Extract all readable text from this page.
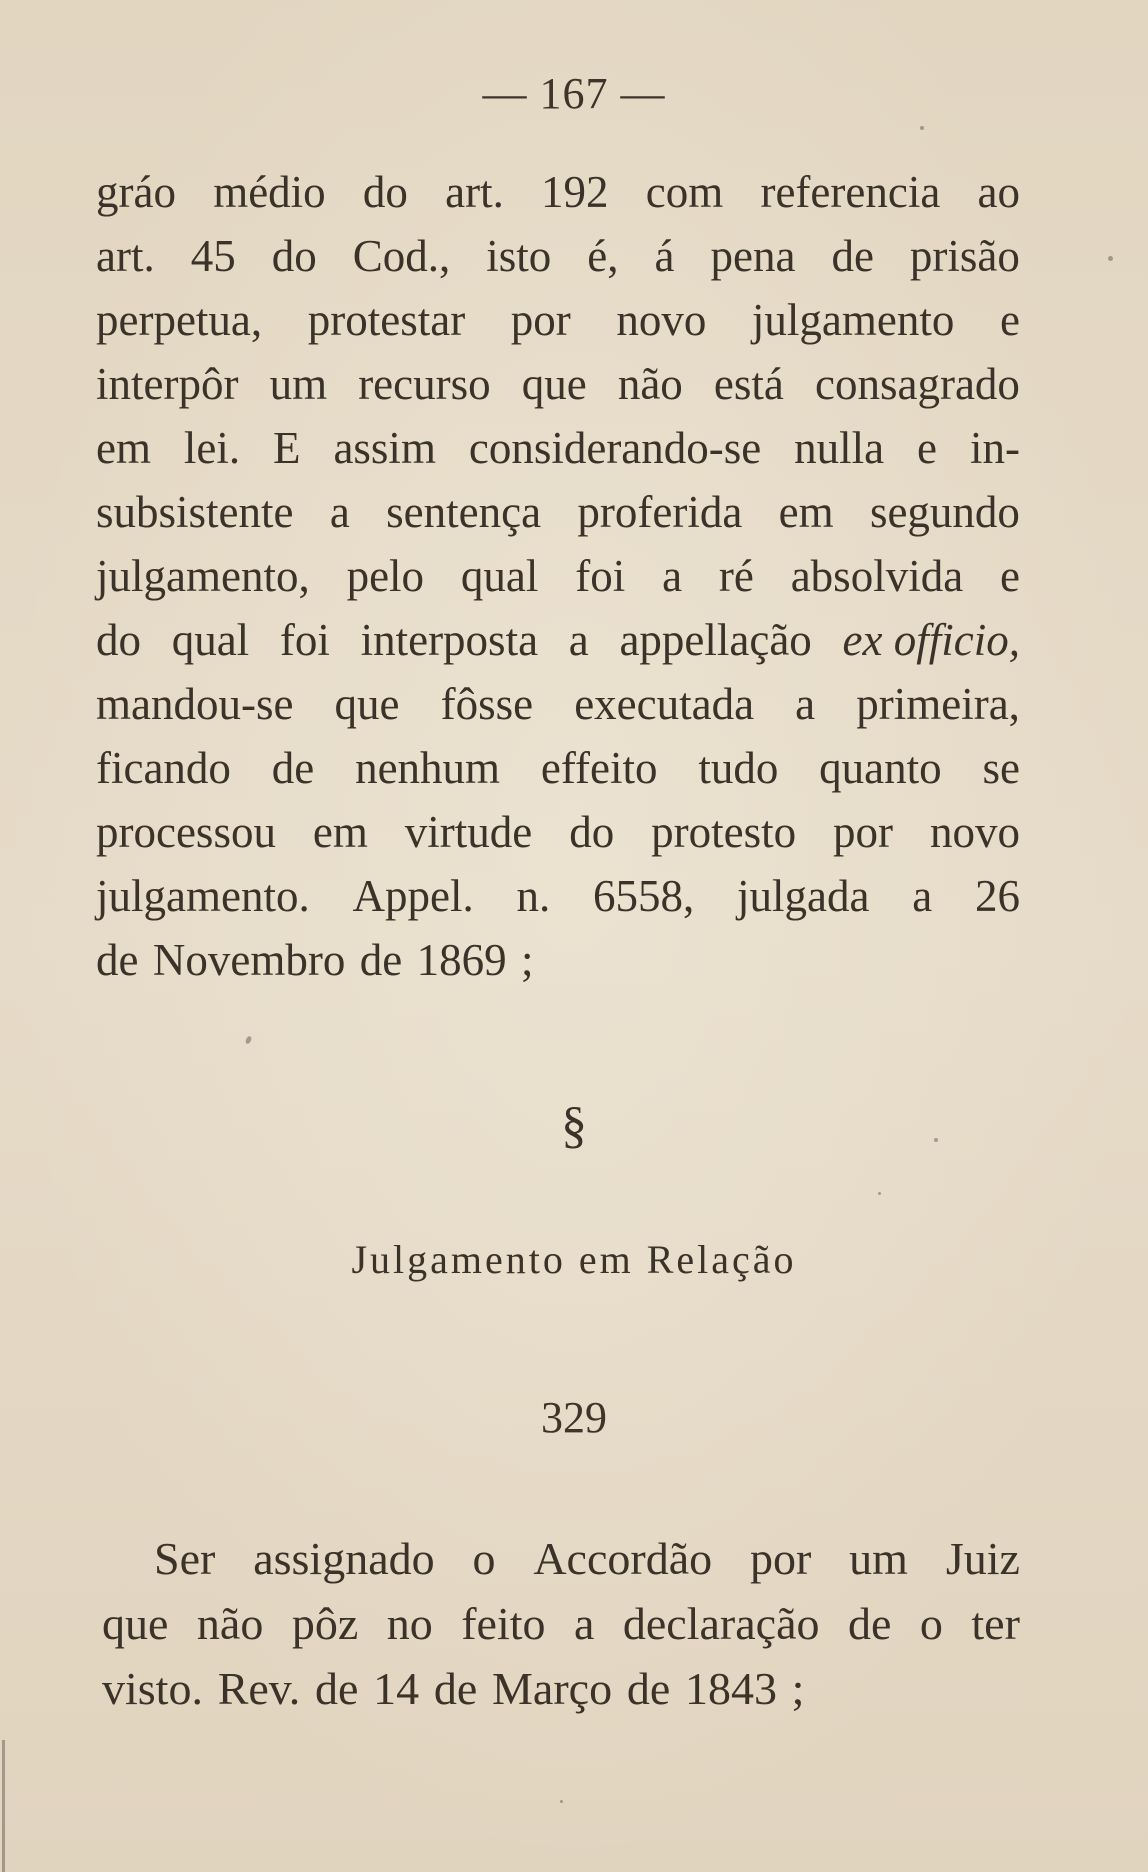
— 167 —
gráo médio do art. 192 com referencia ao
art. 45 do Cod., isto é, á pena de prisão
perpetua, protestar por novo julgamento e
interpôr um recurso que não está consagrado
em lei. E assim considerando-se nulla e in-
subsistente a sentença proferida em segundo
julgamento, pelo qual foi a ré absolvida e
do qual foi interposta a appellação ex officio,
mandou-se que fôsse executada a primeira,
ficando de nenhum effeito tudo quanto se
processou em virtude do protesto por novo
julgamento. Appel. n. 6558, julgada a 26
de Novembro de 1869 ;
§
Julgamento em Relação
329
Ser assignado o Accordão por um Juiz
que não pôz no feito a declaração de o ter
visto. Rev. de 14 de Março de 1843 ;
